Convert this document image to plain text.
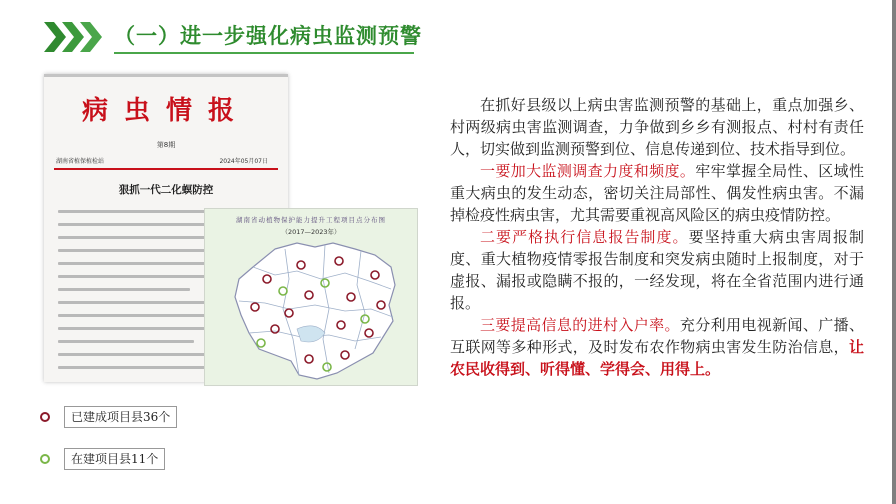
（一）进一步强化病虫监测预警
病虫情报
第8期
湖南省植保植检站	2024年05月07日
狠抓一代二化螟防控
湖南省动植物保护能力提升工程项目点分布图
（2017—2023年）
已建成项目县36个
在建项目县11个

在抓好县级以上病虫害监测预警的基础上，重点加强乡、村两级病虫害监测调查，力争做到乡乡有测报点、村村有责任人，切实做到监测预警到位、信息传递到位、技术指导到位。

一要加大监测调查力度和频度。牢牢掌握全局性、区域性重大病虫的发生动态，密切关注局部性、偶发性病虫害。不漏掉检疫性病虫害，尤其需要重视高风险区的病虫疫情防控。

二要严格执行信息报告制度。要坚持重大病虫害周报制度、重大植物疫情零报告制度和突发病虫随时上报制度，对于虚报、漏报或隐瞒不报的，一经发现，将在全省范围内进行通报。

三要提高信息的进村入户率。充分利用电视新闻、广播、互联网等多种形式，及时发布农作物病虫害发生防治信息，让农民收得到、听得懂、学得会、用得上。
